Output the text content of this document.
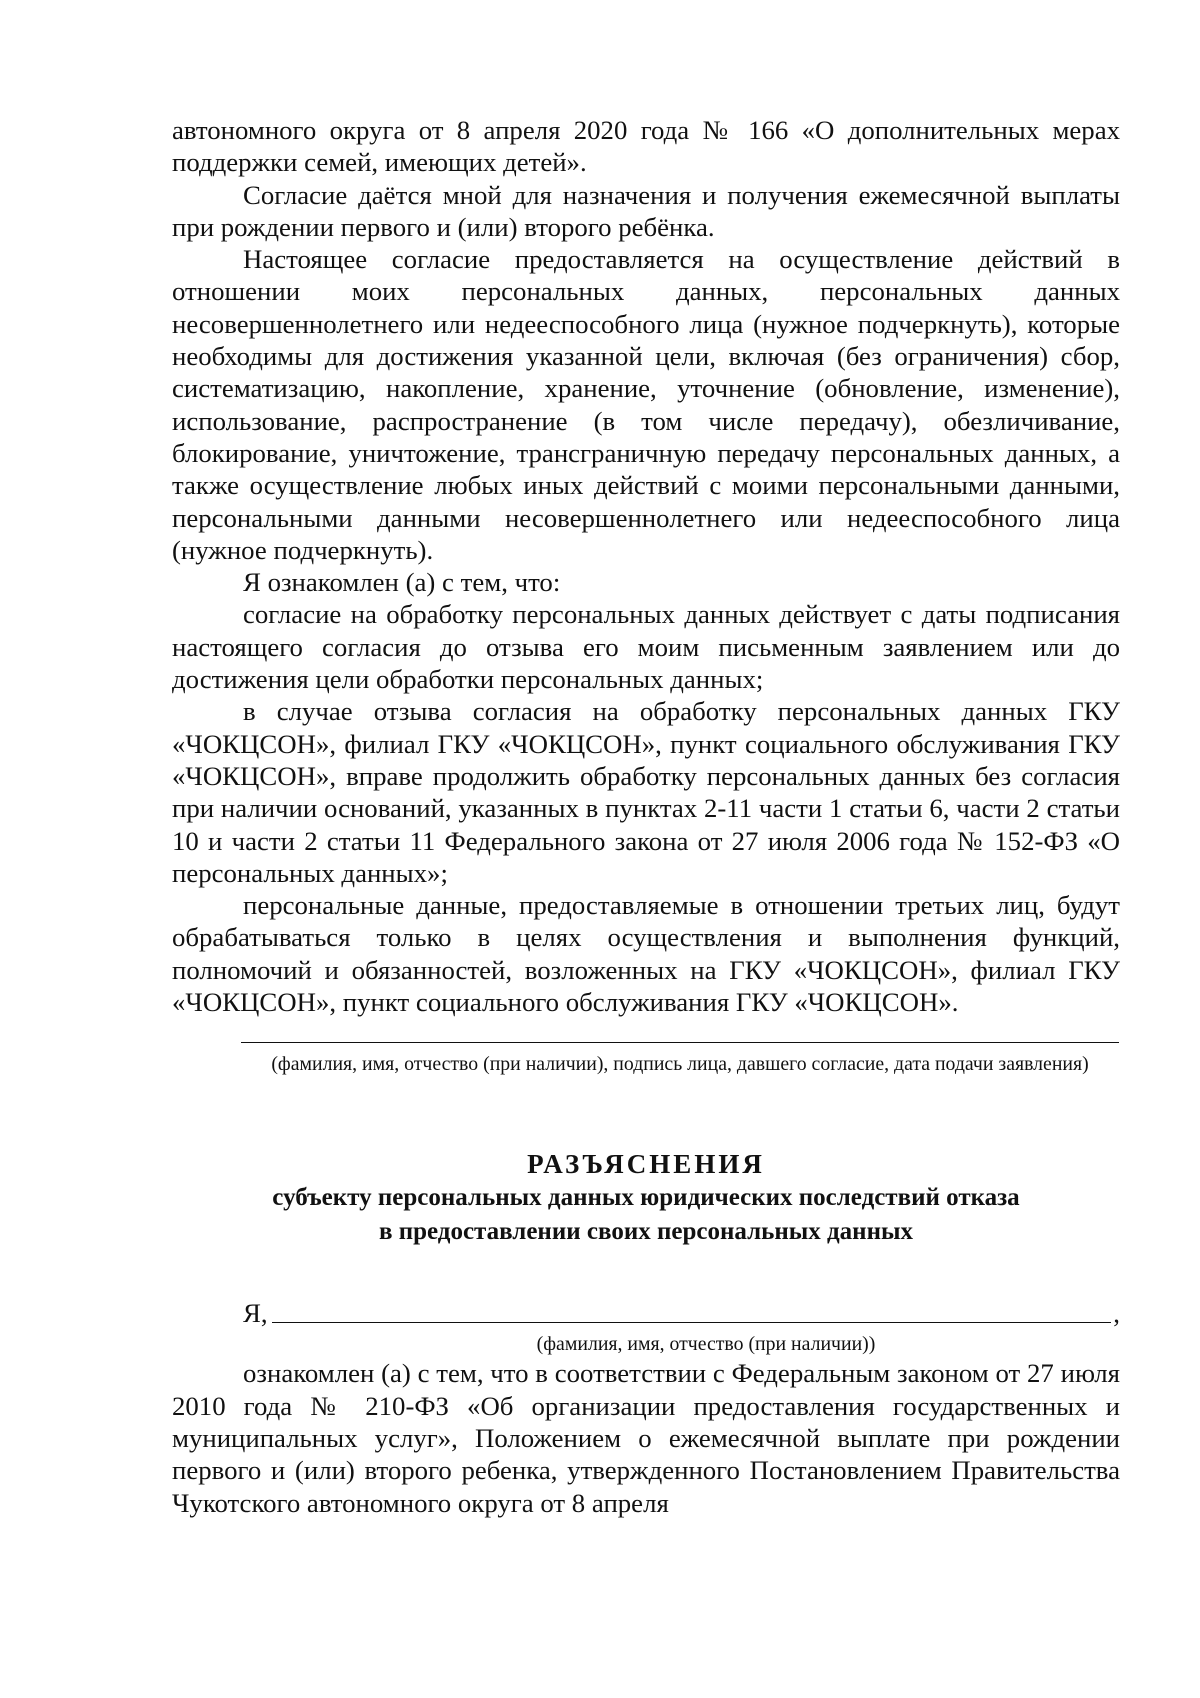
автономного округа от 8 апреля 2020 года № 166 «О дополнительных мерах поддержки семей, имеющих детей».

Согласие даётся мной для назначения и получения ежемесячной выплаты при рождении первого и (или) второго ребёнка.

Настоящее согласие предоставляется на осуществление действий в отношении моих персональных данных, персональных данных несовершеннолетнего или недееспособного лица (нужное подчеркнуть), которые необходимы для достижения указанной цели, включая (без ограничения) сбор, систематизацию, накопление, хранение, уточнение (обновление, изменение), использование, распространение (в том числе передачу), обезличивание, блокирование, уничтожение, трансграничную передачу персональных данных, а также осуществление любых иных действий с моими персональными данными, персональными данными несовершеннолетнего или недееспособного лица (нужное подчеркнуть).

Я ознакомлен (а) с тем, что:

согласие на обработку персональных данных действует с даты подписания настоящего согласия до отзыва его моим письменным заявлением или до достижения цели обработки персональных данных;

в случае отзыва согласия на обработку персональных данных ГКУ «ЧОКЦСОН», филиал ГКУ «ЧОКЦСОН», пункт социального обслуживания ГКУ «ЧОКЦСОН», вправе продолжить обработку персональных данных без согласия при наличии оснований, указанных в пунктах 2-11 части 1 статьи 6, части 2 статьи 10 и части 2 статьи 11 Федерального закона от 27 июля 2006 года № 152-ФЗ «О персональных данных»;

персональные данные, предоставляемые в отношении третьих лиц, будут обрабатываться только в целях осуществления и выполнения функций, полномочий и обязанностей, возложенных на ГКУ «ЧОКЦСОН», филиал ГКУ «ЧОКЦСОН», пункт социального обслуживания ГКУ «ЧОКЦСОН».

(фамилия, имя, отчество (при наличии), подпись лица, давшего согласие, дата подачи заявления)
РАЗЪЯСНЕНИЯ
субъекту персональных данных юридических последствий отказа
в предоставлении своих персональных данных
Я,	,
(фамилия, имя, отчество (при наличии))

ознакомлен (а) с тем, что в соответствии с Федеральным законом от 27 июля 2010 года № 210-ФЗ «Об организации предоставления государственных и муниципальных услуг», Положением о ежемесячной выплате при рождении первого и (или) второго ребенка, утвержденного Постановлением Правительства Чукотского автономного округа от 8 апреля
